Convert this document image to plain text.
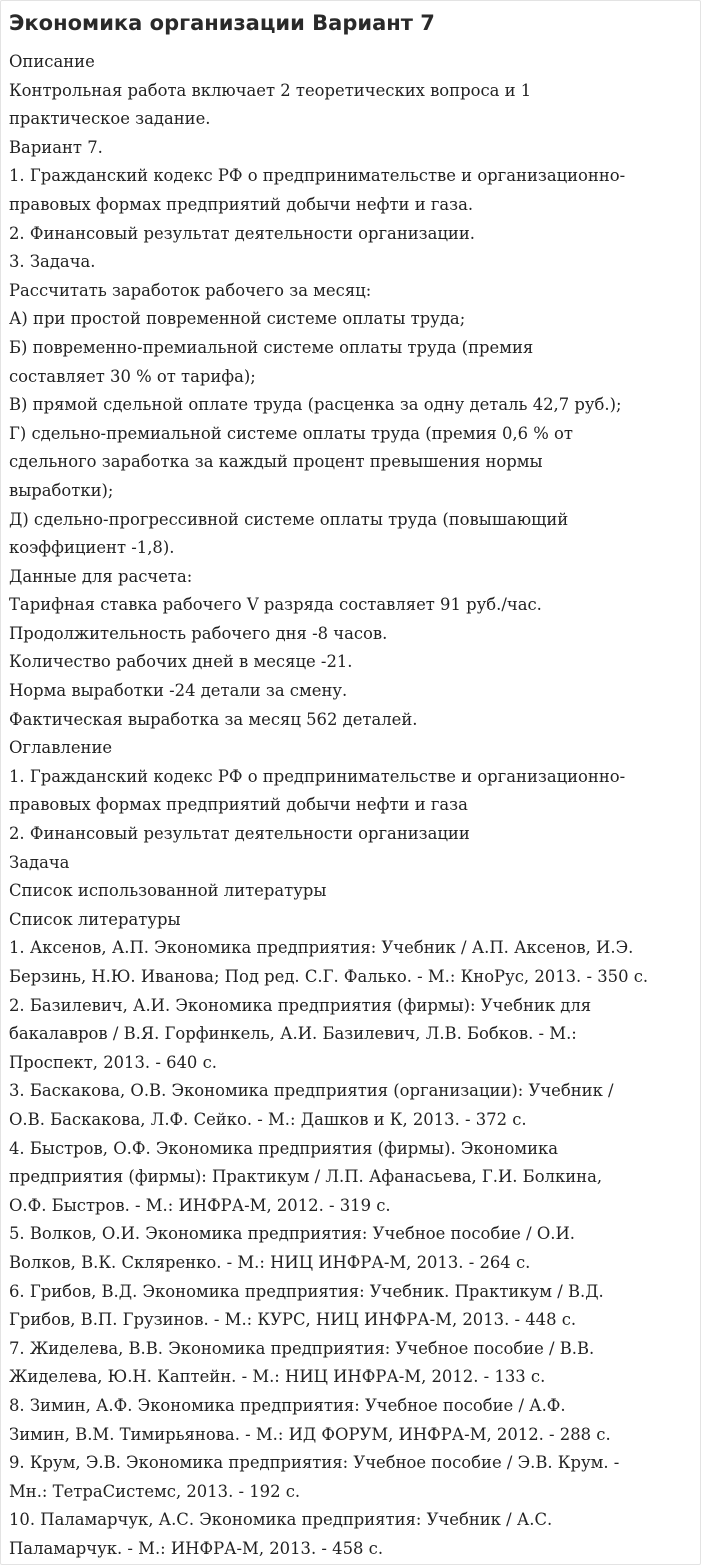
Экономика организации Вариант 7
Описание
Контрольная работа включает 2 теоретических вопроса и 1
практическое задание.
Вариант 7.
1. Гражданский кодекс РФ о предпринимательстве и организационно-
правовых формах предприятий добычи нефти и газа.
2. Финансовый результат деятельности организации.
3. Задача.
Рассчитать заработок рабочего за месяц:
А) при простой повременной системе оплаты труда;
Б) повременно-премиальной системе оплаты труда (премия
составляет 30 % от тарифа);
В) прямой сдельной оплате труда (расценка за одну деталь 42,7 руб.);
Г) сдельно-премиальной системе оплаты труда (премия 0,6 % от
сдельного заработка за каждый процент превышения нормы
выработки);
Д) сдельно-прогрессивной системе оплаты труда (повышающий
коэффициент -1,8).
Данные для расчета:
Тарифная ставка рабочего V разряда составляет 91 руб./час.
Продолжительность рабочего дня -8 часов.
Количество рабочих дней в месяце -21.
Норма выработки -24 детали за смену.
Фактическая выработка за месяц 562 деталей.
Оглавление
1. Гражданский кодекс РФ о предпринимательстве и организационно-
правовых формах предприятий добычи нефти и газа
2. Финансовый результат деятельности организации
Задача
Список использованной литературы
Список литературы
1. Аксенов, А.П. Экономика предприятия: Учебник / А.П. Аксенов, И.Э.
Берзинь, Н.Ю. Иванова; Под ред. С.Г. Фалько. - М.: КноРус, 2013. - 350 с.
2. Базилевич, А.И. Экономика предприятия (фирмы): Учебник для
бакалавров / В.Я. Горфинкель, А.И. Базилевич, Л.В. Бобков. - М.:
Проспект, 2013. - 640 с.
3. Баскакова, О.В. Экономика предприятия (организации): Учебник /
О.В. Баскакова, Л.Ф. Сейко. - М.: Дашков и К, 2013. - 372 с.
4. Быстров, О.Ф. Экономика предприятия (фирмы). Экономика
предприятия (фирмы): Практикум / Л.П. Афанасьева, Г.И. Болкина,
О.Ф. Быстров. - М.: ИНФРА-М, 2012. - 319 с.
5. Волков, О.И. Экономика предприятия: Учебное пособие / О.И.
Волков, В.К. Скляренко. - М.: НИЦ ИНФРА-М, 2013. - 264 с.
6. Грибов, В.Д. Экономика предприятия: Учебник. Практикум / В.Д.
Грибов, В.П. Грузинов. - М.: КУРС, НИЦ ИНФРА-М, 2013. - 448 с.
7. Жиделева, В.В. Экономика предприятия: Учебное пособие / В.В.
Жиделева, Ю.Н. Каптейн. - М.: НИЦ ИНФРА-М, 2012. - 133 с.
8. Зимин, А.Ф. Экономика предприятия: Учебное пособие / А.Ф.
Зимин, В.М. Тимирьянова. - М.: ИД ФОРУМ, ИНФРА-М, 2012. - 288 с.
9. Крум, Э.В. Экономика предприятия: Учебное пособие / Э.В. Крум. -
Мн.: ТетраСистемс, 2013. - 192 с.
10. Паламарчук, А.С. Экономика предприятия: Учебник / А.С.
Паламарчук. - М.: ИНФРА-М, 2013. - 458 с.
